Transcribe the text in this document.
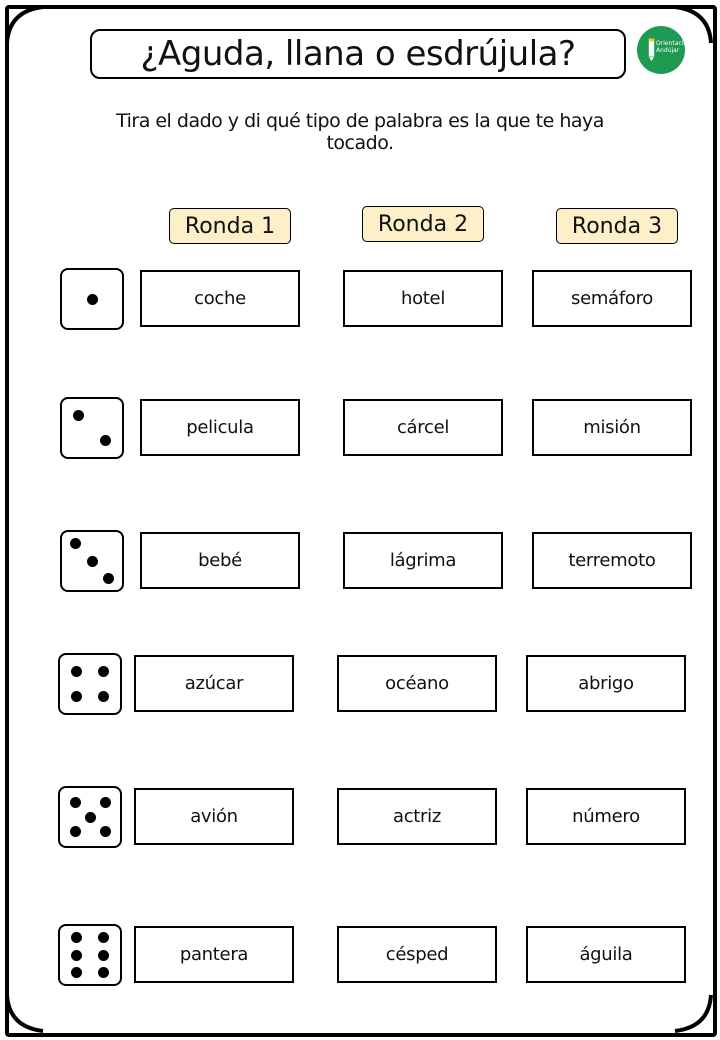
¿Aguda, llana o esdrújula?	Orientación
Andújar
Tira el dado y di qué tipo de palabra es la que te haya tocado.
Ronda 1	Ronda 2	Ronda 3
coche	hotel	semáforo
pelicula	cárcel	misión
bebé	lágrima	terremoto
azúcar	océano	abrigo
avión	actriz	número
pantera	césped	águila
